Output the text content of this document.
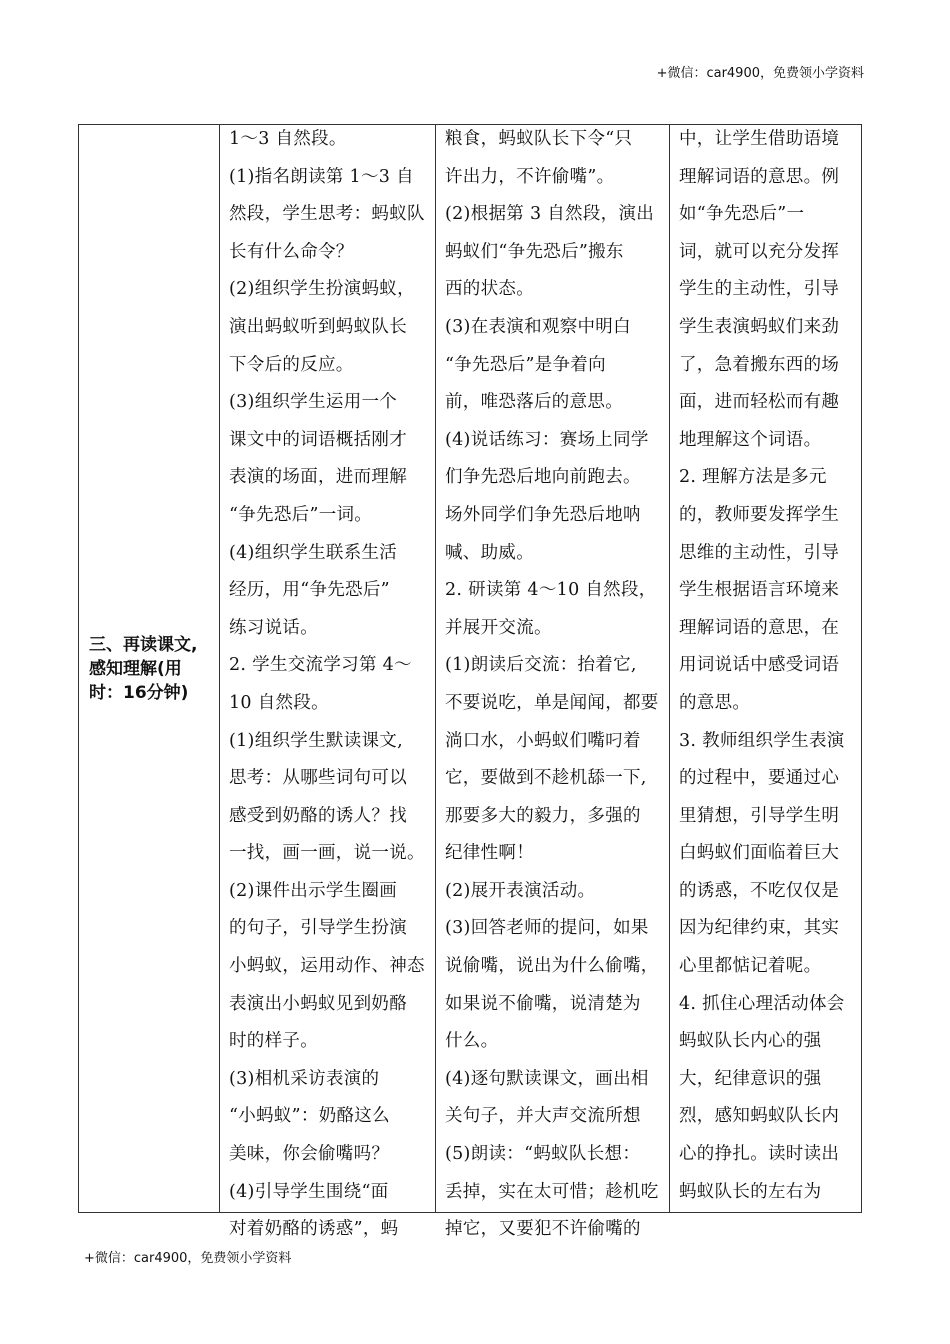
+微信：car4900，免费领小学资料
三、再读课文,
感知理解(用
时：16分钟)
1～3 自然段。
(1)指名朗读第 1～3 自
然段，学生思考：蚂蚁队
长有什么命令？
(2)组织学生扮演蚂蚁，
演出蚂蚁听到蚂蚁队长
下令后的反应。
(3)组织学生运用一个
课文中的词语概括刚才
表演的场面，进而理解
“争先恐后”一词。
(4)组织学生联系生活
经历，用“争先恐后”
练习说话。
2. 学生交流学习第 4～
10 自然段。
(1)组织学生默读课文,
思考：从哪些词句可以
感受到奶酪的诱人？找
一找，画一画，说一说。
(2)课件出示学生圈画
的句子，引导学生扮演
小蚂蚁，运用动作、神态
表演出小蚂蚁见到奶酪
时的样子。
(3)相机采访表演的
“小蚂蚁”：奶酪这么
美味，你会偷嘴吗？
(4)引导学生围绕“面
对着奶酪的诱惑”，蚂
粮食，蚂蚁队长下令“只
许出力，不许偷嘴”。
(2)根据第 3 自然段，演出
蚂蚁们“争先恐后”搬东
西的状态。
(3)在表演和观察中明白
“争先恐后”是争着向
前，唯恐落后的意思。
(4)说话练习：赛场上同学
们争先恐后地向前跑去。
场外同学们争先恐后地呐
喊、助威。
2. 研读第 4～10 自然段，
并展开交流。
(1)朗读后交流：抬着它,
不要说吃，单是闻闻，都要
淌口水，小蚂蚁们嘴叼着
它，要做到不趁机舔一下,
那要多大的毅力，多强的
纪律性啊！
(2)展开表演活动。
(3)回答老师的提问，如果
说偷嘴，说出为什么偷嘴，
如果说不偷嘴，说清楚为
什么。
(4)逐句默读课文，画出相
关句子，并大声交流所想
(5)朗读：“蚂蚁队长想：
丢掉，实在太可惜；趁机吃
掉它，又要犯不许偷嘴的
中，让学生借助语境
理解词语的意思。例
如“争先恐后”一
词，就可以充分发挥
学生的主动性，引导
学生表演蚂蚁们来劲
了，急着搬东西的场
面，进而轻松而有趣
地理解这个词语。
2. 理解方法是多元
的，教师要发挥学生
思维的主动性，引导
学生根据语言环境来
理解词语的意思，在
用词说话中感受词语
的意思。
3. 教师组织学生表演
的过程中，要通过心
里猜想，引导学生明
白蚂蚁们面临着巨大
的诱惑，不吃仅仅是
因为纪律约束，其实
心里都惦记着呢。
4. 抓住心理活动体会
蚂蚁队长内心的强
大，纪律意识的强
烈，感知蚂蚁队长内
心的挣扎。读时读出
蚂蚁队长的左右为
+微信：car4900，免费领小学资料
